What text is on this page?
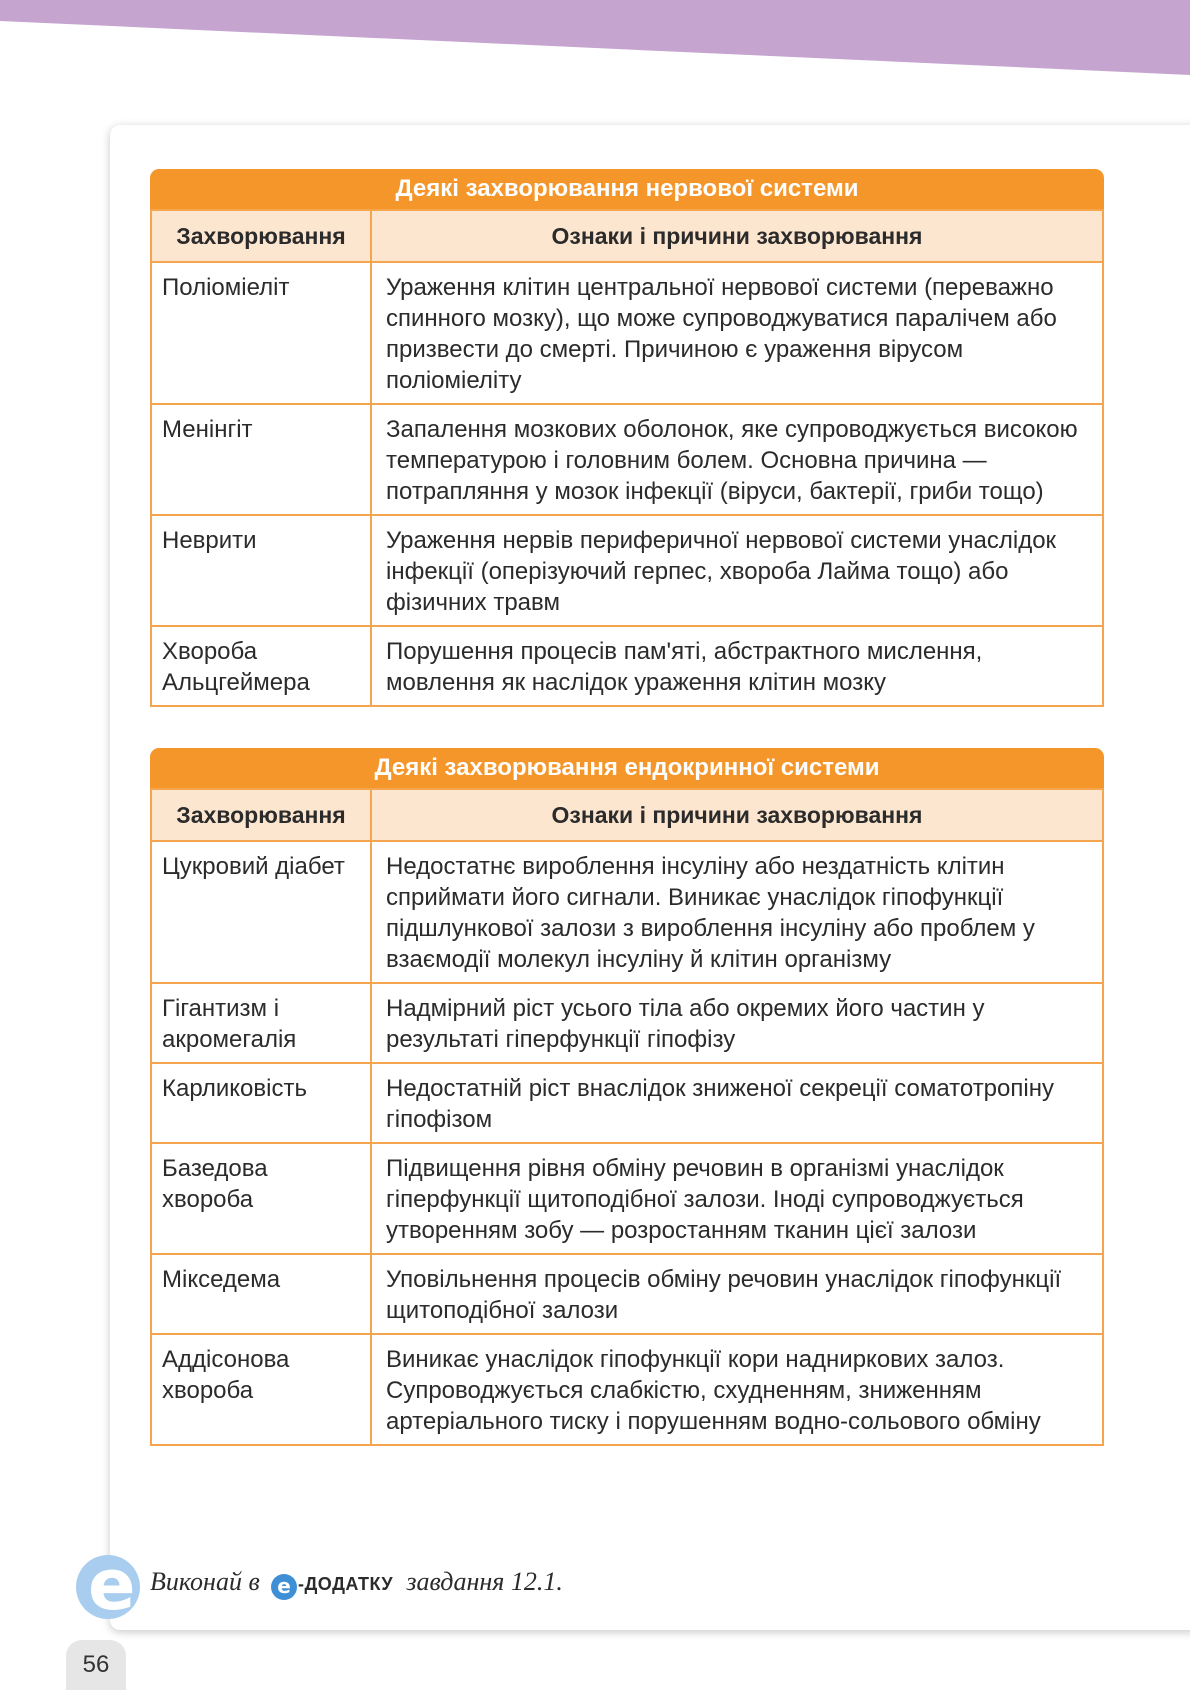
Деякі захворювання нервової системи
Захворювання	Ознаки і причини захворювання
Поліоміеліт	Ураження клітин центральної нервової системи (переважно спинного мозку), що може супроводжуватися паралічем або призвести до смерті. Причиною є ураження вірусом поліоміеліту
Менінгіт	Запалення мозкових оболонок, яке супроводжується високою температурою і головним болем. Основна причина — потрапляння у мозок інфекції (віруси, бактерії, гриби тощо)
Неврити	Ураження нервів периферичної нервової системи унаслідок інфекції (оперізуючий герпес, хвороба Лайма тощо) або фізичних травм
Хвороба Альцгеймера	Порушення процесів пам'яті, абстрактного мислення, мовлення як наслідок ураження клітин мозку
Деякі захворювання ендокринної системи
Захворювання	Ознаки і причини захворювання
Цукровий діабет	Недостатнє вироблення інсуліну або нездатність клітин сприймати його сигнали. Виникає унаслідок гіпофункції підшлункової залози з вироблення інсуліну або проблем у взаємодії молекул інсуліну й клітин організму
Гігантизм і акромегалія	Надмірний ріст усього тіла або окремих його частин у результаті гіперфункції гіпофізу
Карликовість	Недостатній ріст внаслідок зниженої секреції соматотропіну гіпофізом
Базедова хвороба	Підвищення рівня обміну речовин в організмі унаслідок гіперфункції щитоподібної залози. Іноді супроводжується утворенням зобу — розростанням тканин цієї залози
Мікседема	Уповільнення процесів обміну речовин унаслідок гіпофункції щитоподібної залози
Аддісонова хвороба	Виникає унаслідок гіпофункції кори надниркових залоз. Супроводжується слабкістю, схудненням, зниженням артеріального тиску і порушенням водно-сольового обміну
e Виконай в e -ДОДАТКУ завдання 12.1.
56
